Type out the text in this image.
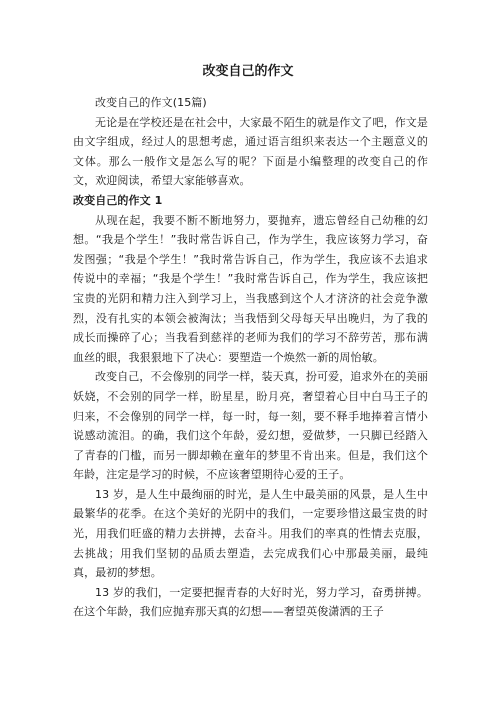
改变自己的作文

改变自己的作文(15篇)

无论是在学校还是在社会中，大家最不陌生的就是作文了吧，作文是由文字组成，经过人的思想考虑，通过语言组织来表达一个主题意义的文体。那么一般作文是怎么写的呢？下面是小编整理的改变自己的作文，欢迎阅读，希望大家能够喜欢。

改变自己的作文 1

从现在起，我要不断不断地努力，要抛弃，遗忘曾经自己幼稚的幻想。“我是个学生！”我时常告诉自己，作为学生，我应该努力学习，奋发图强；“我是个学生！”我时常告诉自己，作为学生，我应该不去追求传说中的幸福；“我是个学生！”我时常告诉自己，作为学生，我应该把宝贵的光阴和精力注入到学习上，当我感到这个人才济济的社会竞争激烈，没有扎实的本领会被淘汰；当我悟到父母每天早出晚归，为了我的成长而操碎了心；当我看到慈祥的老师为我们的学习不辞劳苦，那布满血丝的眼，我狠狠地下了决心：要塑造一个焕然一新的周怡敏。

改变自己，不会像别的同学一样，装天真，扮可爱，追求外在的美丽妖娆，不会别的同学一样，盼星星，盼月亮，奢望着心目中白马王子的归来，不会像别的同学一样，每一时，每一刻，要不释手地捧着言情小说感动流泪。的确，我们这个年龄，爱幻想，爱做梦，一只脚已经踏入了青春的门槛，而另一脚却赖在童年的梦里不肯出来。但是，我们这个年龄，注定是学习的时候，不应该奢望期待心爱的王子。

13 岁，是人生中最绚丽的时光，是人生中最美丽的风景，是人生中最繁华的花季。在这个美好的光阴中的我们，一定要珍惜这最宝贵的时光，用我们旺盛的精力去拼搏，去奋斗。用我们的率真的性情去克服，去挑战；用我们坚韧的品质去塑造，去完成我们心中那最美丽，最纯真，最初的梦想。

13 岁的我们，一定要把握青春的大好时光，努力学习，奋勇拼搏。在这个年龄，我们应抛弃那天真的幻想——奢望英俊潇洒的王子
